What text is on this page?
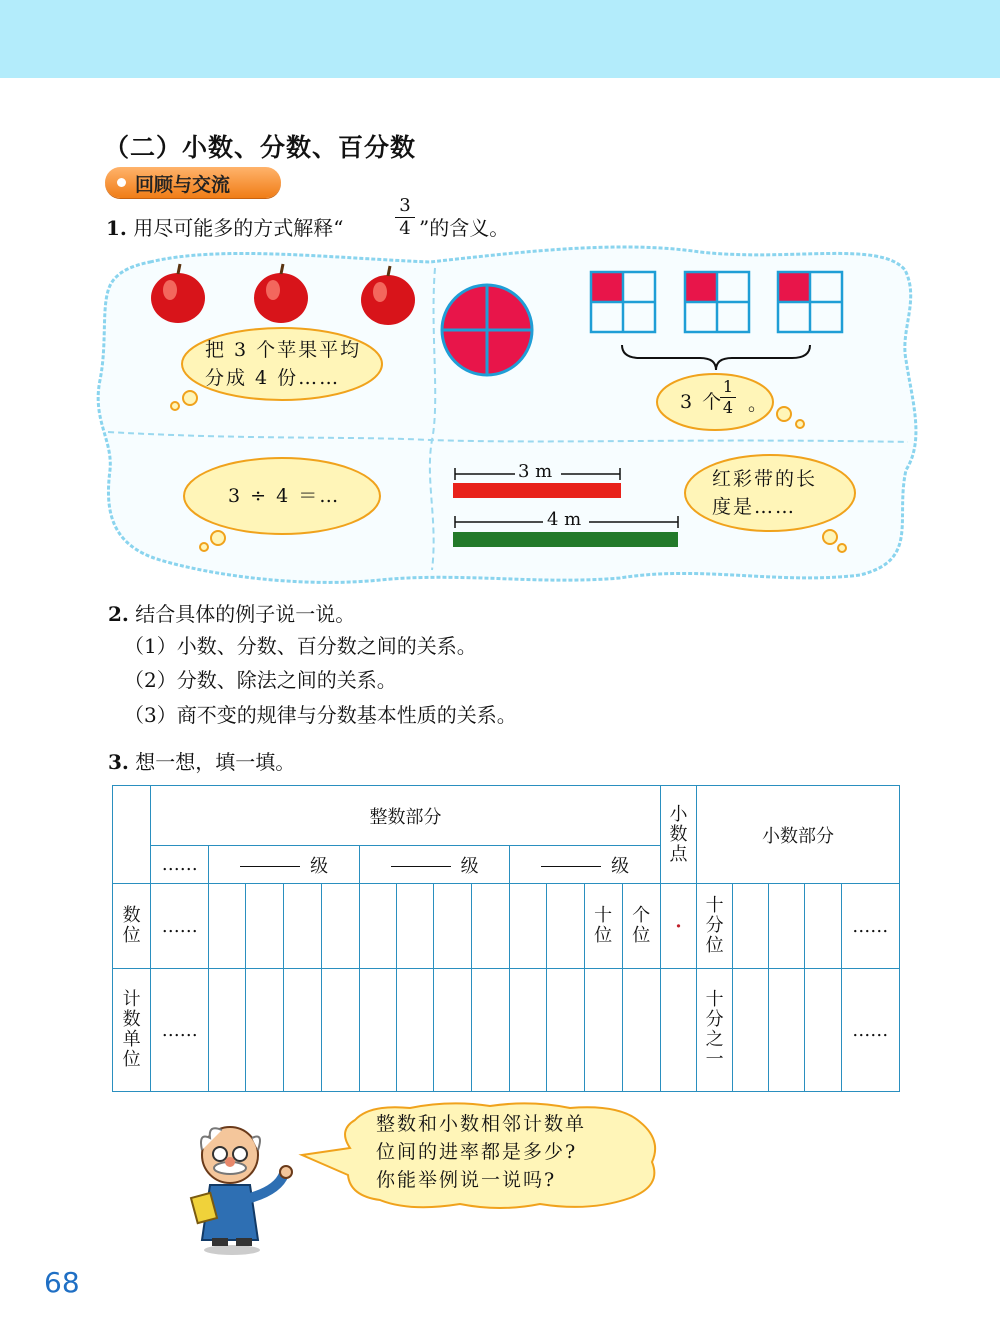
（二）小数、分数、百分数
回顾与交流
1. 用尽可能多的方式解释“
3
4 ”的含义。
把 3 个苹果平均
分成 4 份……
3 个
1
4 。
3 ÷ 4 ＝…
3 m
4 m
红彩带的长
度是……
2. 结合具体的例子说一说。
（1）小数、分数、百分数之间的关系。
（2）分数、除法之间的关系。
（3）商不变的规律与分数基本性质的关系。
3. 想一想，填一填。
	整数部分													小数点	小数部分				
	……	级				级				级									
数位	……											十位	个位	·	十分位				……
计数单位	……														十分之一				……
整数和小数相邻计数单
位间的进率都是多少?
你能举例说一说吗?
68
